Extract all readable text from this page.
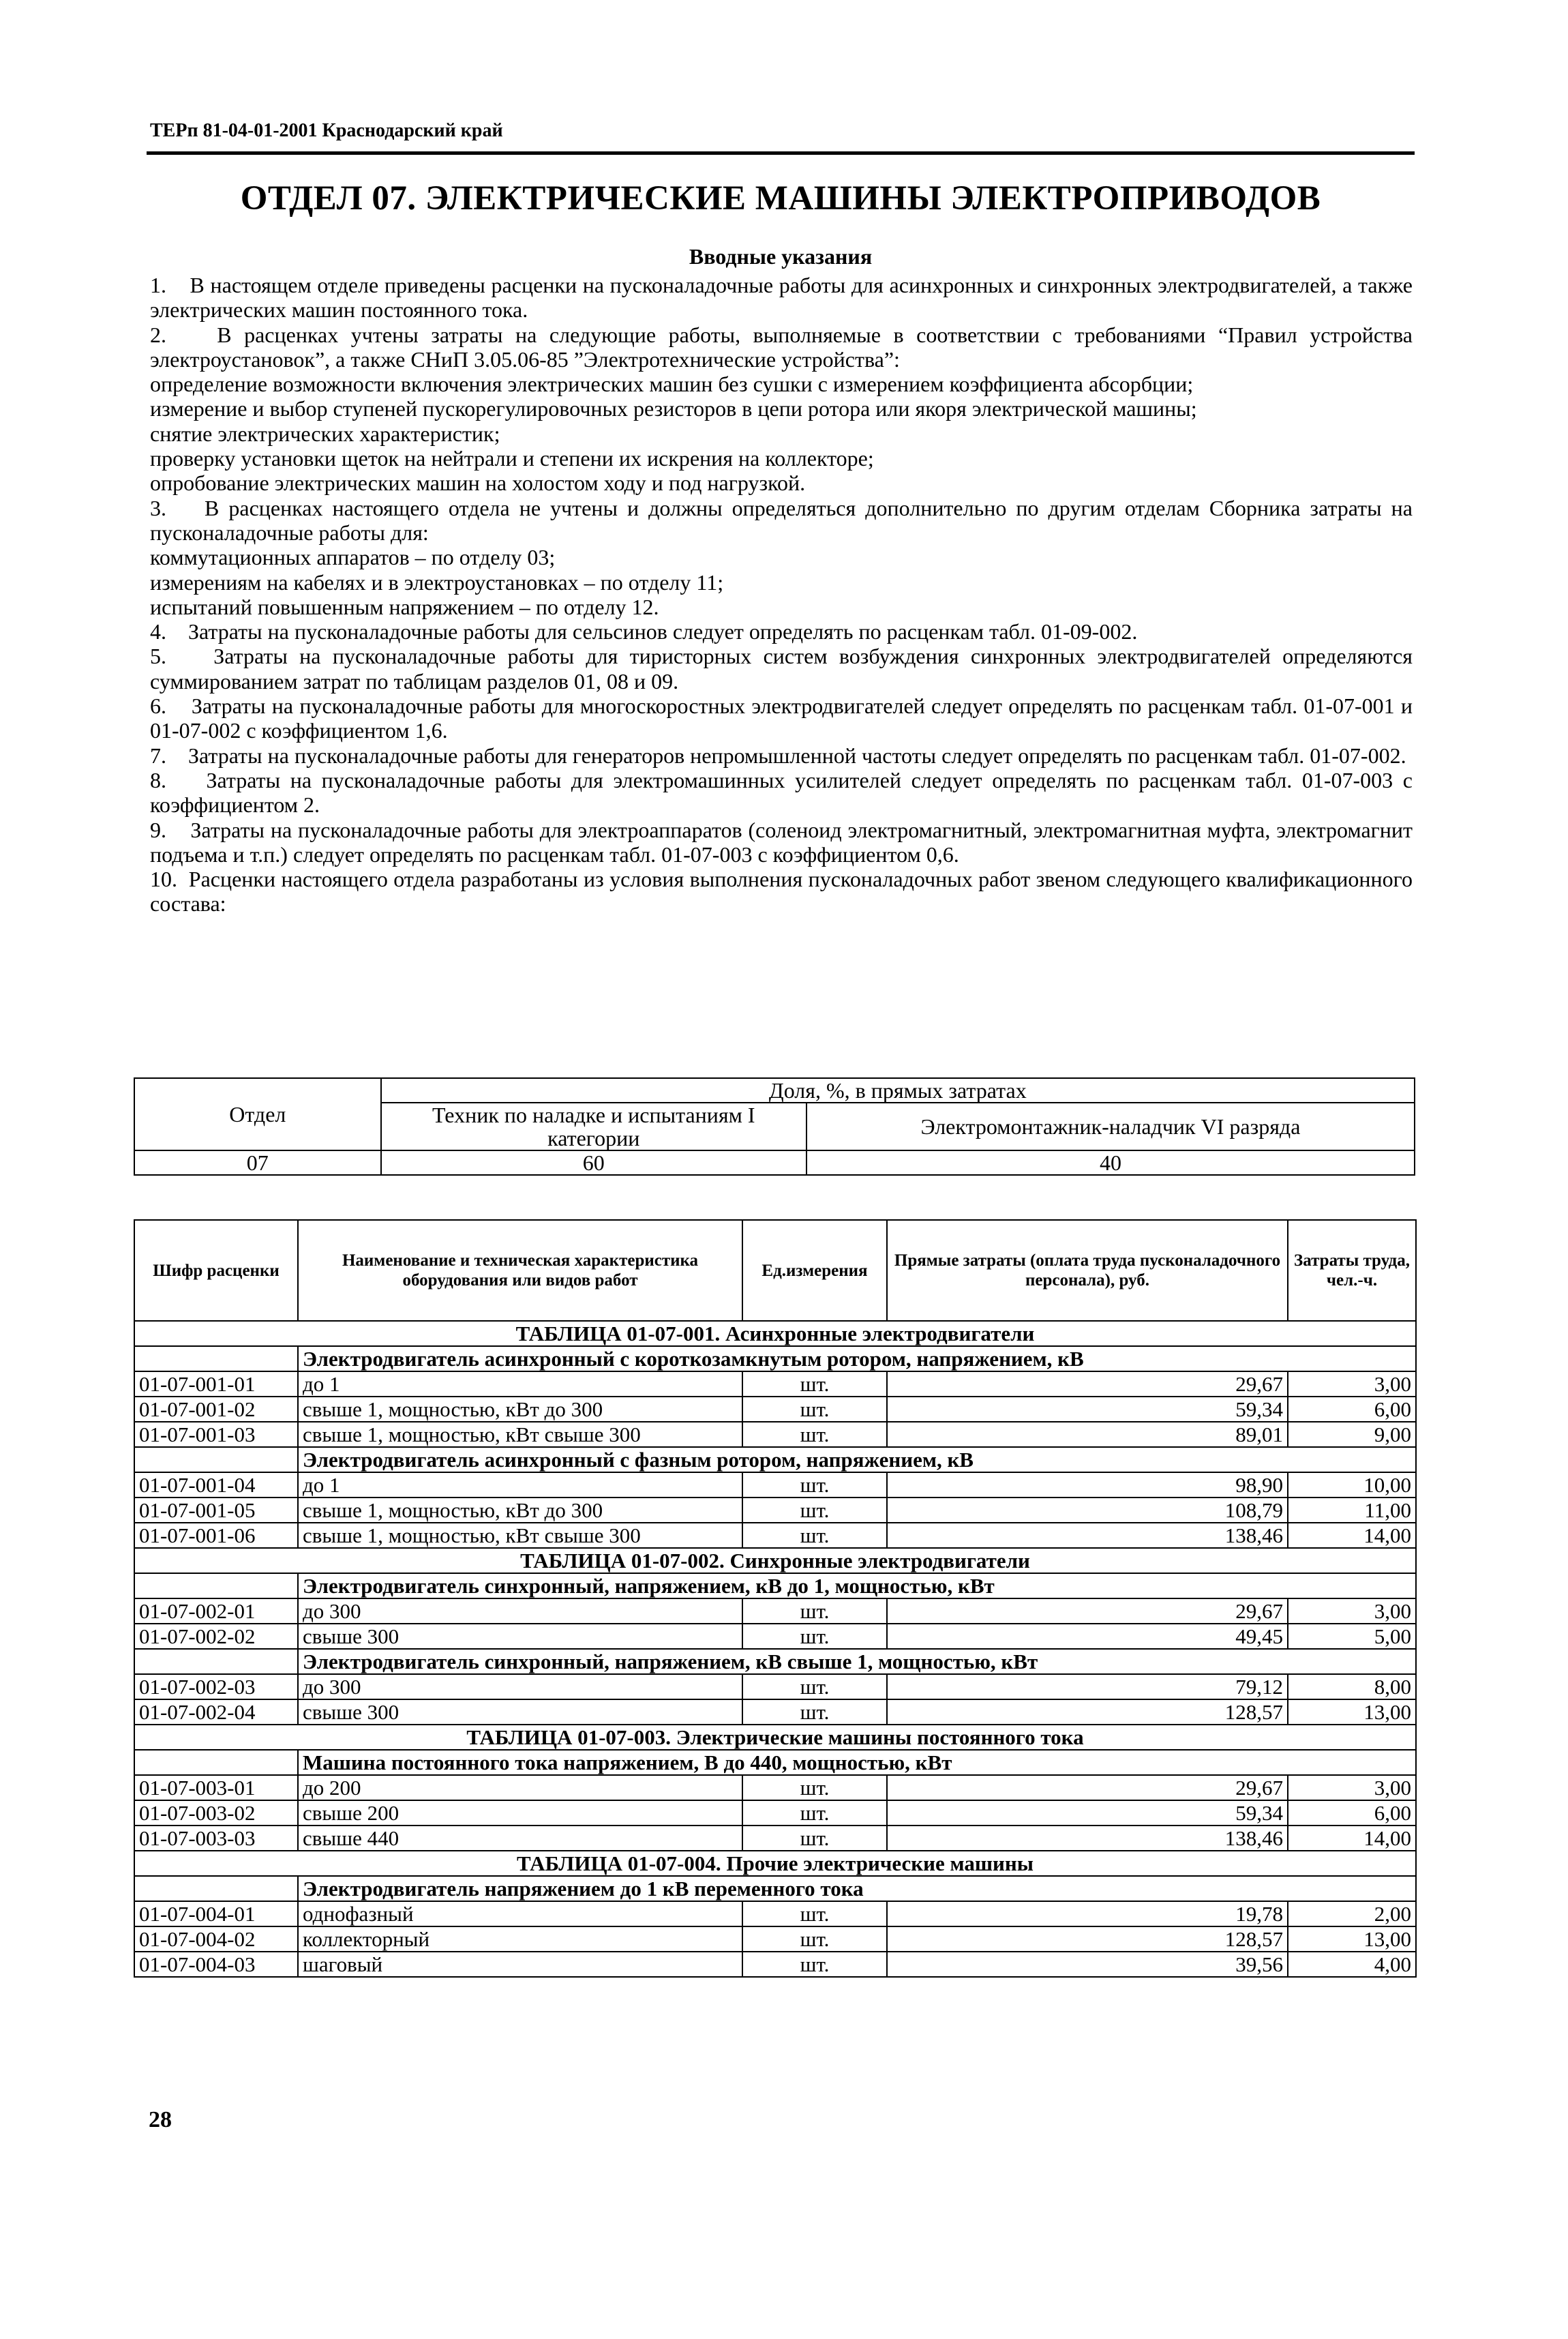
ТЕРп 81-04-01-2001 Краснодарский край
ОТДЕЛ 07. ЭЛЕКТРИЧЕСКИЕ МАШИНЫ ЭЛЕКТРОПРИВОДОВ
Вводные указания

1.    В настоящем отделе приведены расценки на пусконаладочные работы для асинхронных и синхронных электродвигателей, а также электрических машин постоянного тока.

2.    В расценках учтены затраты на следующие работы, выполняемые в соответствии с требованиями “Правил устройства электроустановок”, а также СНиП 3.05.06-85 ”Электротехнические устройства”:

определение возможности включения электрических машин без сушки с измерением коэффициента абсорбции;

измерение и выбор ступеней пускорегулировочных резисторов в цепи ротора или якоря электрической машины;

снятие электрических характеристик;

проверку установки щеток на нейтрали и степени их искрения на коллекторе;

опробование электрических машин на холостом ходу и под нагрузкой.

3.    В расценках настоящего отдела не учтены и должны определяться дополнительно по другим отделам Сборника затраты на пусконаладочные работы для:

коммутационных аппаратов – по отделу 03;

измерениям на кабелях и в электроустановках – по отделу 11;

испытаний повышенным напряжением – по отделу 12.

4.    Затраты на пусконаладочные работы для сельсинов следует определять по расценкам табл. 01-09-002.

5.    Затраты на пусконаладочные работы для тиристорных систем возбуждения синхронных электродвигателей определяются суммированием затрат по таблицам разделов 01, 08 и 09.

6.    Затраты на пусконаладочные работы для многоскоростных электродвигателей следует определять по расценкам табл. 01-07-001 и 01-07-002 с коэффициентом 1,6.

7.    Затраты на пусконаладочные работы для генераторов непромышленной частоты следует определять по расценкам табл. 01-07-002.

8.    Затраты на пусконаладочные работы для электромашинных усилителей следует определять по расценкам табл. 01-07-003 с коэффициентом 2.

9.    Затраты на пусконаладочные работы для электроаппаратов (соленоид электромагнитный, электромагнитная муфта, электромагнит подъема и т.п.) следует определять по расценкам табл. 01-07-003 с коэффициентом 0,6.

10.  Расценки настоящего отдела разработаны из условия выполнения пусконаладочных работ звеном следующего квалификационного состава:

Отдел	Доля, %, в прямых затратах	
	Техник по наладке и испытаниям I категории	Электромонтажник-наладчик VI разряда
07	60	40
Шифр расценки	Наименование и техническая характеристика оборудования или видов работ	Ед.измерения	Прямые затраты (оплата труда пусконаладочного персонала), руб.	Затраты труда, чел.-ч.
ТАБЛИЦА 01-07-001. Асинхронные электродвигатели				
	Электродвигатель асинхронный с короткозамкнутым ротором, напряжением, кВ			
01-07-001-01	до 1	шт.	29,67	3,00
01-07-001-02	свыше 1, мощностью, кВт до 300	шт.	59,34	6,00
01-07-001-03	свыше 1, мощностью, кВт свыше 300	шт.	89,01	9,00
	Электродвигатель асинхронный с фазным ротором, напряжением, кВ			
01-07-001-04	до 1	шт.	98,90	10,00
01-07-001-05	свыше 1, мощностью, кВт до 300	шт.	108,79	11,00
01-07-001-06	свыше 1, мощностью, кВт свыше 300	шт.	138,46	14,00
ТАБЛИЦА 01-07-002. Синхронные электродвигатели				
	Электродвигатель синхронный, напряжением, кВ до 1, мощностью, кВт			
01-07-002-01	до 300	шт.	29,67	3,00
01-07-002-02	свыше 300	шт.	49,45	5,00
	Электродвигатель синхронный, напряжением, кВ свыше 1, мощностью, кВт			
01-07-002-03	до 300	шт.	79,12	8,00
01-07-002-04	свыше 300	шт.	128,57	13,00
ТАБЛИЦА 01-07-003. Электрические машины постоянного тока				
	Машина постоянного тока напряжением, В до 440, мощностью, кВт			
01-07-003-01	до 200	шт.	29,67	3,00
01-07-003-02	свыше 200	шт.	59,34	6,00
01-07-003-03	свыше 440	шт.	138,46	14,00
ТАБЛИЦА 01-07-004. Прочие электрические машины				
	Электродвигатель напряжением до 1 кВ переменного тока			
01-07-004-01	однофазный	шт.	19,78	2,00
01-07-004-02	коллекторный	шт.	128,57	13,00
01-07-004-03	шаговый	шт.	39,56	4,00
28
